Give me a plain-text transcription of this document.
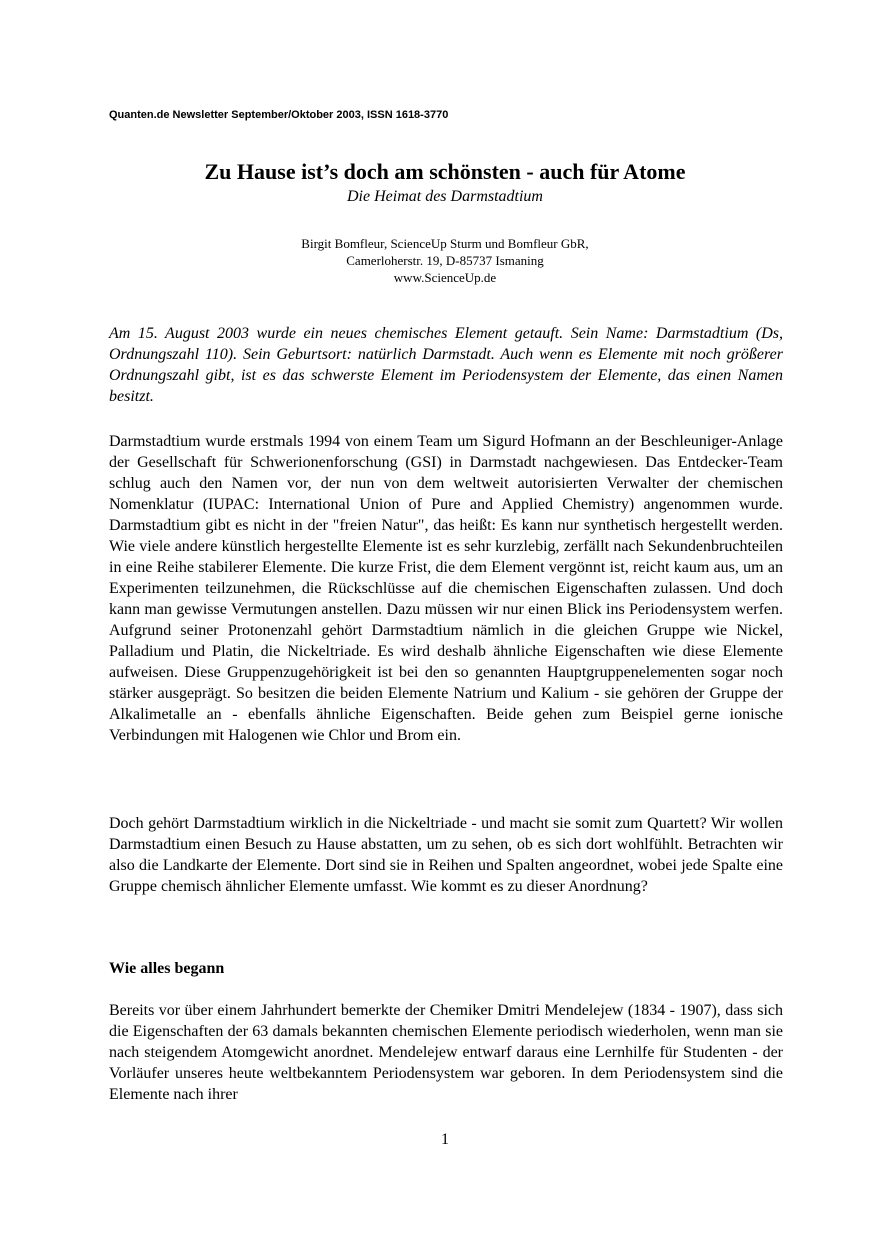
Quanten.de Newsletter September/Oktober 2003, ISSN 1618-3770
Zu Hause ist’s doch am schönsten - auch für Atome
Die Heimat des Darmstadtium
Birgit Bomfleur, ScienceUp Sturm und Bomfleur GbR,
Camerloherstr. 19, D-85737 Ismaning
www.ScienceUp.de

Am 15. August 2003 wurde ein neues chemisches Element getauft. Sein Name: Darmstadtium (Ds, Ordnungszahl 110). Sein Geburtsort: natürlich Darmstadt. Auch wenn es Elemente mit noch größerer Ordnungszahl gibt, ist es das schwerste Element im Periodensystem der Elemente, das einen Namen besitzt.

Darmstadtium wurde erstmals 1994 von einem Team um Sigurd Hofmann an der Beschleuniger-Anlage der Gesellschaft für Schwerionenforschung (GSI) in Darmstadt nachgewiesen. Das Entdecker-Team schlug auch den Namen vor, der nun von dem weltweit autorisierten Verwalter der chemischen Nomenklatur (IUPAC: International Union of Pure and Applied Chemistry) angenommen wurde. Darmstadtium gibt es nicht in der "freien Natur", das heißt: Es kann nur synthetisch hergestellt werden. Wie viele andere künstlich hergestellte Elemente ist es sehr kurzlebig, zerfällt nach Sekundenbruchteilen in eine Reihe stabilerer Elemente. Die kurze Frist, die dem Element vergönnt ist, reicht kaum aus, um an Experimenten teilzunehmen, die Rückschlüsse auf die chemischen Eigenschaften zulassen. Und doch kann man gewisse Vermutungen anstellen. Dazu müssen wir nur einen Blick ins Periodensystem werfen. Aufgrund seiner Protonenzahl gehört Darmstadtium nämlich in die gleichen Gruppe wie Nickel, Palladium und Platin, die Nickeltriade. Es wird deshalb ähnliche Eigenschaften wie diese Elemente aufweisen. Diese Gruppenzugehörigkeit ist bei den so genannten Hauptgruppenelementen sogar noch stärker ausgeprägt. So besitzen die beiden Elemente Natrium und Kalium - sie gehören der Gruppe der Alkalimetalle an - ebenfalls ähnliche Eigenschaften. Beide gehen zum Beispiel gerne ionische Verbindungen mit Halogenen wie Chlor und Brom ein.

Doch gehört Darmstadtium wirklich in die Nickeltriade - und macht sie somit zum Quartett? Wir wollen Darmstadtium einen Besuch zu Hause abstatten, um zu sehen, ob es sich dort wohlfühlt. Betrachten wir also die Landkarte der Elemente. Dort sind sie in Reihen und Spalten angeordnet, wobei jede Spalte eine Gruppe chemisch ähnlicher Elemente umfasst. Wie kommt es zu dieser Anordnung?

Wie alles begann

Bereits vor über einem Jahrhundert bemerkte der Chemiker Dmitri Mendelejew (1834 - 1907), dass sich die Eigenschaften der 63 damals bekannten chemischen Elemente periodisch wiederholen, wenn man sie nach steigendem Atomgewicht anordnet. Mendelejew entwarf daraus eine Lernhilfe für Studenten - der Vorläufer unseres heute weltbekanntem Periodensystem war geboren. In dem Periodensystem sind die Elemente nach ihrer

1
